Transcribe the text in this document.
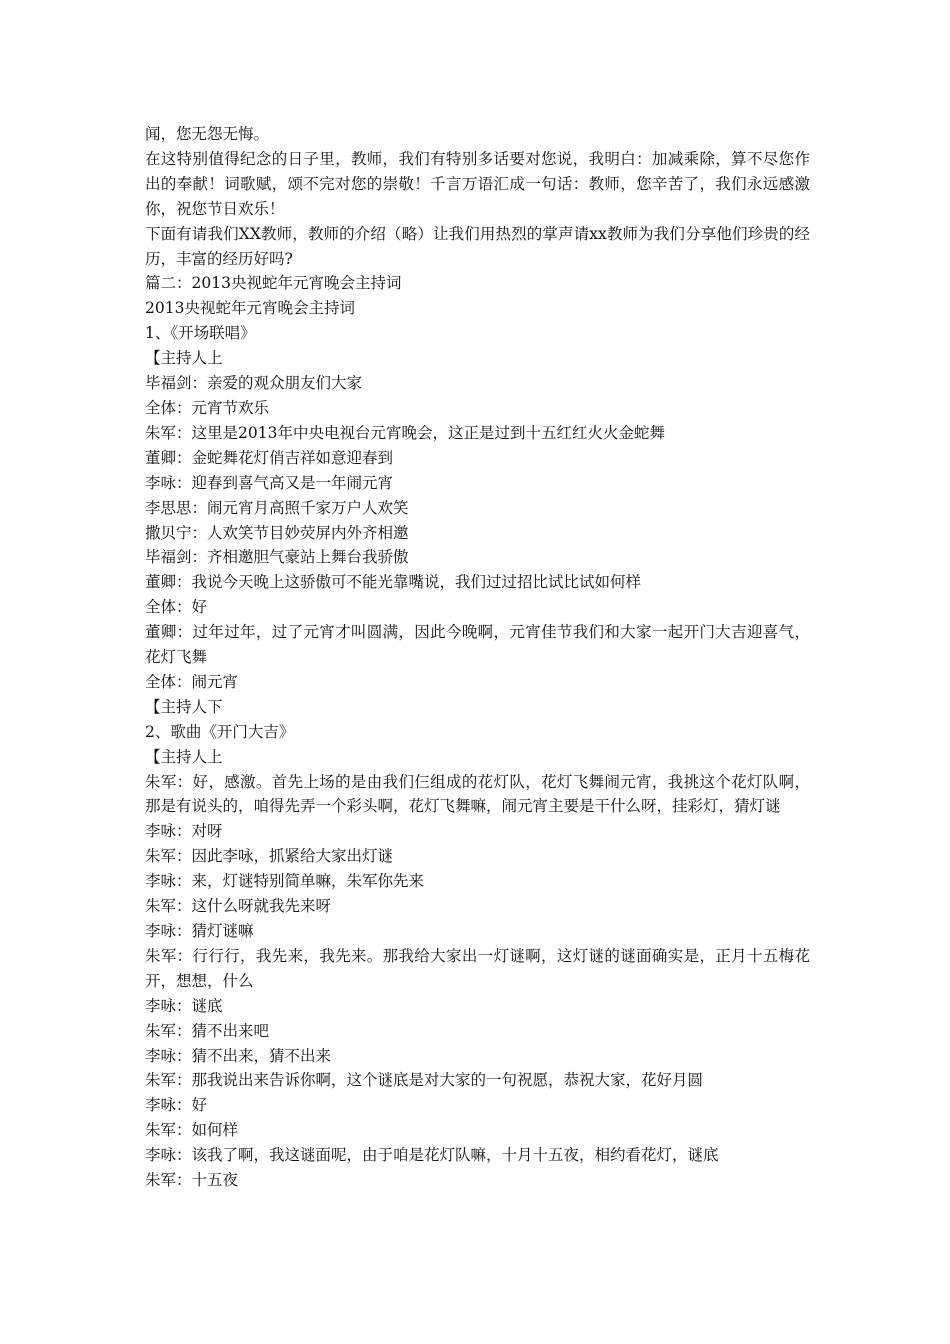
闻，您无怨无悔。

在这特别值得纪念的日子里，教师，我们有特别多话要对您说，我明白：加减乘除，算不尽您作出的奉献！词歌赋，颂不完对您的崇敬！千言万语汇成一句话：教师，您辛苦了，我们永远感激你，祝您节日欢乐！

下面有请我们XX教师，教师的介绍（略）让我们用热烈的掌声请xx教师为我们分享他们珍贵的经历，丰富的经历好吗?

篇二：2013央视蛇年元宵晚会主持词

2013央视蛇年元宵晚会主持词

1、《开场联唱》

【主持人上

毕福剑：亲爱的观众朋友们大家

全体：元宵节欢乐

朱军：这里是2013年中央电视台元宵晚会，这正是过到十五红红火火金蛇舞

董卿：金蛇舞花灯俏吉祥如意迎春到

李咏：迎春到喜气高又是一年闹元宵

李思思：闹元宵月高照千家万户人欢笑

撒贝宁：人欢笑节目妙荧屏内外齐相邀

毕福剑：齐相邀胆气豪站上舞台我骄傲

董卿：我说今天晚上这骄傲可不能光靠嘴说，我们过过招比试比试如何样

全体：好

董卿：过年过年，过了元宵才叫圆满，因此今晚啊，元宵佳节我们和大家一起开门大吉迎喜气，花灯飞舞

全体：闹元宵

【主持人下

2、歌曲《开门大吉》

【主持人上

朱军：好，感激。首先上场的是由我们仨组成的花灯队，花灯飞舞闹元宵，我挑这个花灯队啊，那是有说头的，咱得先弄一个彩头啊，花灯飞舞嘛，闹元宵主要是干什么呀，挂彩灯，猜灯谜

李咏：对呀

朱军：因此李咏，抓紧给大家出灯谜

李咏：来，灯谜特别简单嘛，朱军你先来

朱军：这什么呀就我先来呀

李咏：猜灯谜嘛

朱军：行行行，我先来，我先来。那我给大家出一灯谜啊，这灯谜的谜面确实是，正月十五梅花开，想想，什么

李咏：谜底

朱军：猜不出来吧

李咏：猜不出来，猜不出来

朱军：那我说出来告诉你啊，这个谜底是对大家的一句祝愿，恭祝大家，花好月圆

李咏：好

朱军：如何样

李咏：该我了啊，我这谜面呢，由于咱是花灯队嘛，十月十五夜，相约看花灯，谜底

朱军：十五夜
